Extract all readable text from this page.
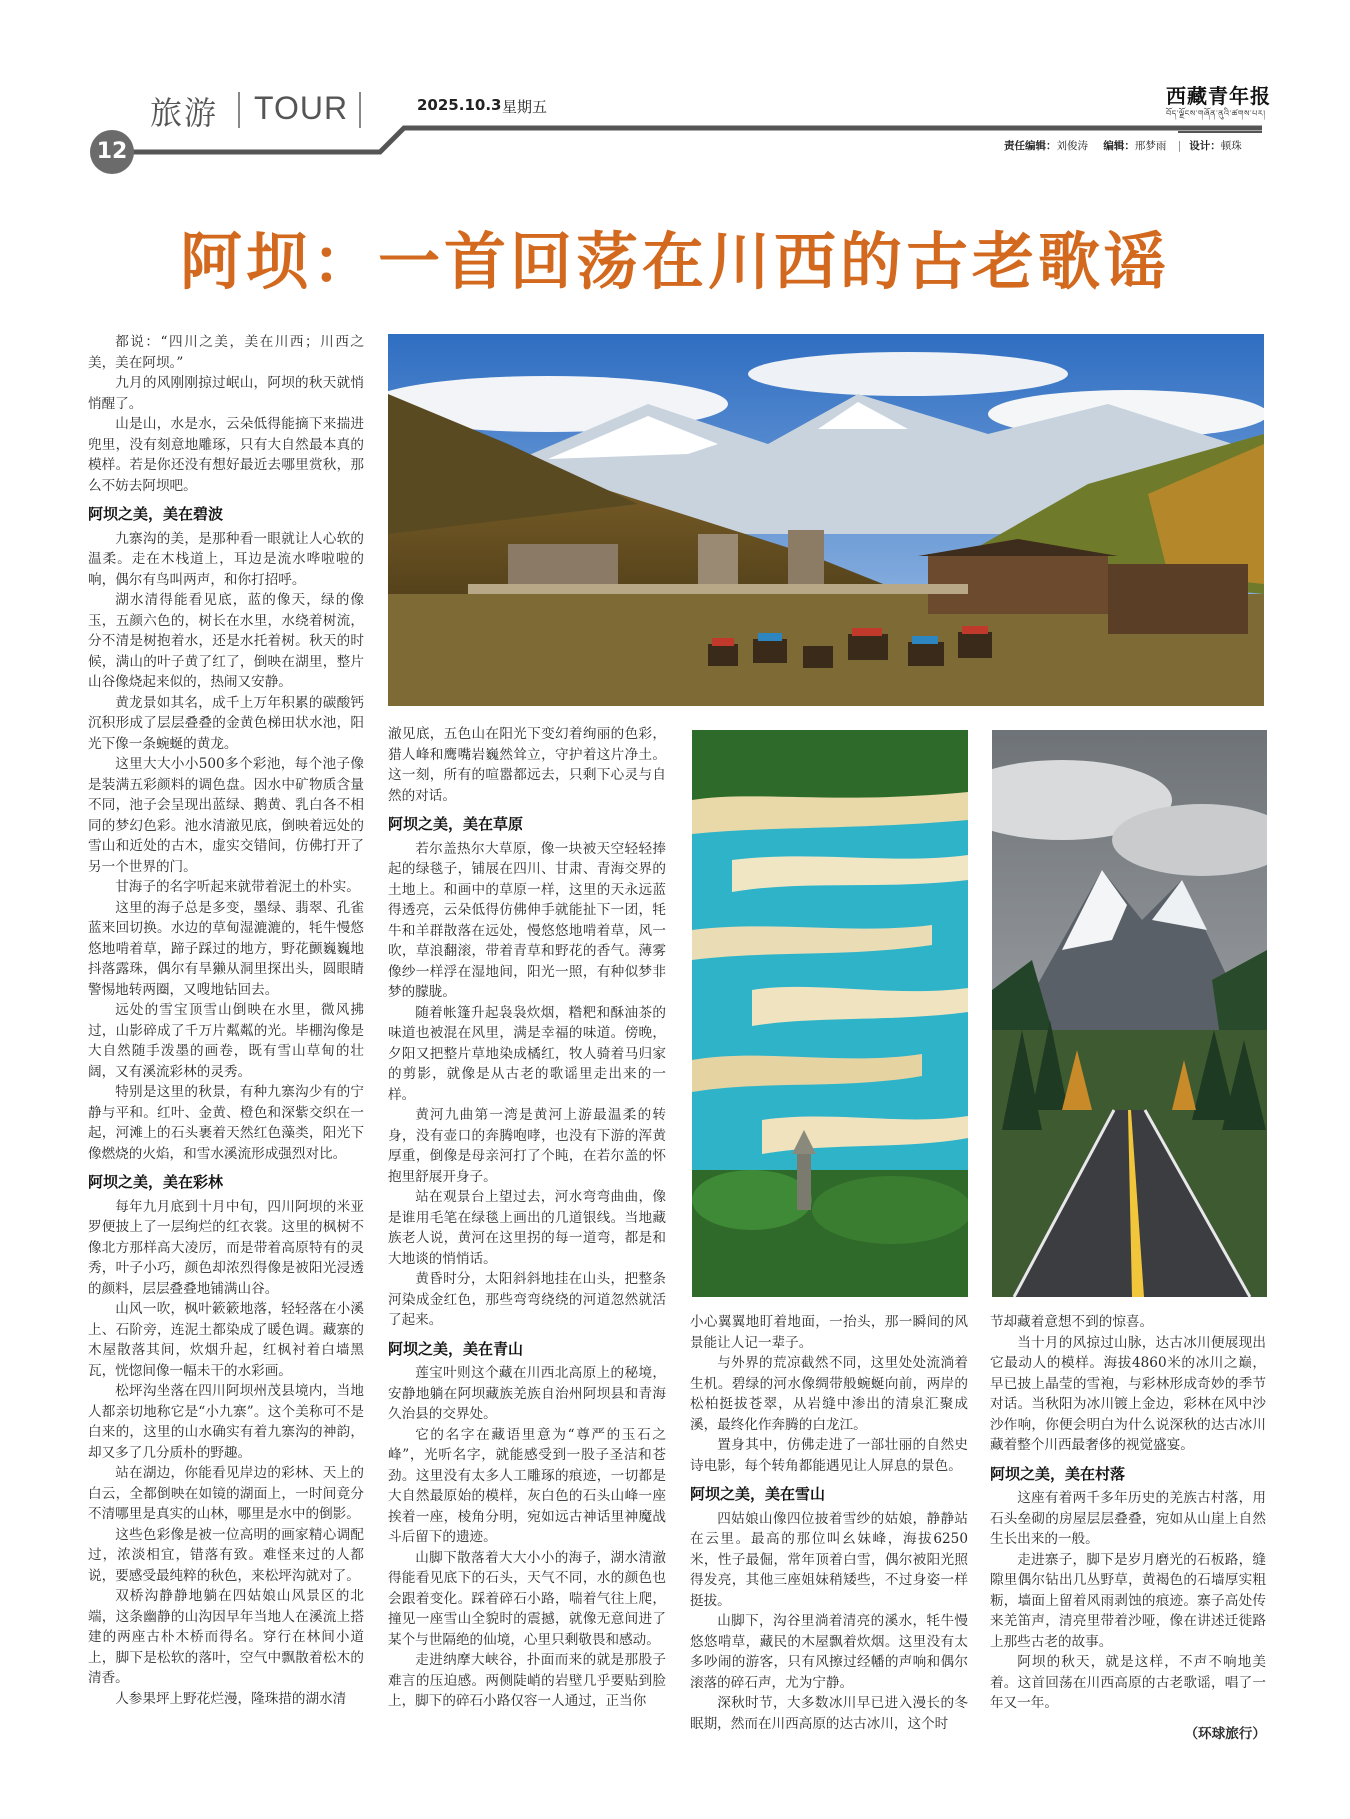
旅游 TOUR	2025.10.3 星期五	西藏青年报
བོད་ལྗོངས་གཞོན་ནུའི་ཚགས་པར།
12	责任编辑：刘俊涛 编辑：邢梦雨 | 设计：顿珠
阿坝：一首回荡在川西的古老歌谣

都说：“四川之美，美在川西；川西之美，美在阿坝。”

九月的风刚刚掠过岷山，阿坝的秋天就悄悄醒了。

山是山，水是水，云朵低得能摘下来揣进兜里，没有刻意地雕琢，只有大自然最本真的模样。若是你还没有想好最近去哪里赏秋，那么不妨去阿坝吧。

阿坝之美，美在碧波

九寨沟的美，是那种看一眼就让人心软的温柔。走在木栈道上，耳边是流水哗啦啦的响，偶尔有鸟叫两声，和你打招呼。

湖水清得能看见底，蓝的像天，绿的像玉，五颜六色的，树长在水里，水绕着树流，分不清是树抱着水，还是水托着树。秋天的时候，满山的叶子黄了红了，倒映在湖里，整片山谷像烧起来似的，热闹又安静。

黄龙景如其名，成千上万年积累的碳酸钙沉积形成了层层叠叠的金黄色梯田状水池，阳光下像一条蜿蜒的黄龙。

这里大大小小500多个彩池，每个池子像是装满五彩颜料的调色盘。因水中矿物质含量不同，池子会呈现出蓝绿、鹅黄、乳白各不相同的梦幻色彩。池水清澈见底，倒映着远处的雪山和近处的古木，虚实交错间，仿佛打开了另一个世界的门。

甘海子的名字听起来就带着泥土的朴实。

这里的海子总是多变，墨绿、翡翠、孔雀蓝来回切换。水边的草甸湿漉漉的，牦牛慢悠悠地啃着草，蹄子踩过的地方，野花颤巍巍地抖落露珠，偶尔有旱獭从洞里探出头，圆眼睛警惕地转两圈，又嗖地钻回去。

远处的雪宝顶雪山倒映在水里，微风拂过，山影碎成了千万片粼粼的光。毕棚沟像是大自然随手泼墨的画卷，既有雪山草甸的壮阔，又有溪流彩林的灵秀。

特别是这里的秋景，有种九寨沟少有的宁静与平和。红叶、金黄、橙色和深紫交织在一起，河滩上的石头裹着天然红色藻类，阳光下像燃烧的火焰，和雪水溪流形成强烈对比。

阿坝之美，美在彩林

每年九月底到十月中旬，四川阿坝的米亚罗便披上了一层绚烂的红衣裳。这里的枫树不像北方那样高大凌厉，而是带着高原特有的灵秀，叶子小巧，颜色却浓烈得像是被阳光浸透的颜料，层层叠叠地铺满山谷。

山风一吹，枫叶簌簌地落，轻轻落在小溪上、石阶旁，连泥土都染成了暖色调。藏寨的木屋散落其间，炊烟升起，红枫衬着白墙黑瓦，恍惚间像一幅未干的水彩画。

松坪沟坐落在四川阿坝州茂县境内，当地人都亲切地称它是“小九寨”。这个美称可不是白来的，这里的山水确实有着九寨沟的神韵，却又多了几分质朴的野趣。

站在湖边，你能看见岸边的彩林、天上的白云，全都倒映在如镜的湖面上，一时间竟分不清哪里是真实的山林，哪里是水中的倒影。

这些色彩像是被一位高明的画家精心调配过，浓淡相宜，错落有致。难怪来过的人都说，要感受最纯粹的秋色，来松坪沟就对了。

双桥沟静静地躺在四姑娘山风景区的北端，这条幽静的山沟因早年当地人在溪流上搭建的两座古朴木桥而得名。穿行在林间小道上，脚下是松软的落叶，空气中飘散着松木的清香。

人参果坪上野花烂漫，隆珠措的湖水清

澈见底，五色山在阳光下变幻着绚丽的色彩，猎人峰和鹰嘴岩巍然耸立，守护着这片净土。这一刻，所有的喧嚣都远去，只剩下心灵与自然的对话。

阿坝之美，美在草原

若尔盖热尔大草原，像一块被天空轻轻捧起的绿毯子，铺展在四川、甘肃、青海交界的土地上。和画中的草原一样，这里的天永远蓝得透亮，云朵低得仿佛伸手就能扯下一团，牦牛和羊群散落在远处，慢悠悠地啃着草，风一吹，草浪翻滚，带着青草和野花的香气。薄雾像纱一样浮在湿地间，阳光一照，有种似梦非梦的朦胧。

随着帐篷升起袅袅炊烟，糌粑和酥油茶的味道也被混在风里，满是幸福的味道。傍晚，夕阳又把整片草地染成橘红，牧人骑着马归家的剪影，就像是从古老的歌谣里走出来的一样。

黄河九曲第一湾是黄河上游最温柔的转身，没有壶口的奔腾咆哮，也没有下游的浑黄厚重，倒像是母亲河打了个盹，在若尔盖的怀抱里舒展开身子。

站在观景台上望过去，河水弯弯曲曲，像是谁用毛笔在绿毯上画出的几道银线。当地藏族老人说，黄河在这里拐的每一道弯，都是和大地谈的悄悄话。

黄昏时分，太阳斜斜地挂在山头，把整条河染成金红色，那些弯弯绕绕的河道忽然就活了起来。

阿坝之美，美在青山

莲宝叶则这个藏在川西北高原上的秘境，安静地躺在阿坝藏族羌族自治州阿坝县和青海久治县的交界处。

它的名字在藏语里意为“尊严的玉石之峰”，光听名字，就能感受到一股子圣洁和苍劲。这里没有太多人工雕琢的痕迹，一切都是大自然最原始的模样，灰白色的石头山峰一座挨着一座，棱角分明，宛如远古神话里神魔战斗后留下的遗迹。

山脚下散落着大大小小的海子，湖水清澈得能看见底下的石头，天气不同，水的颜色也会跟着变化。踩着碎石小路，喘着气往上爬，撞见一座雪山全貌时的震撼，就像无意间进了某个与世隔绝的仙境，心里只剩敬畏和感动。

走进纳摩大峡谷，扑面而来的就是那股子难言的压迫感。两侧陡峭的岩壁几乎要贴到脸上，脚下的碎石小路仅容一人通过，正当你

小心翼翼地盯着地面，一抬头，那一瞬间的风景能让人记一辈子。

与外界的荒凉截然不同，这里处处流淌着生机。碧绿的河水像绸带般蜿蜒向前，两岸的松柏挺拔苍翠，从岩缝中渗出的清泉汇聚成溪，最终化作奔腾的白龙江。

置身其中，仿佛走进了一部壮丽的自然史诗电影，每个转角都能遇见让人屏息的景色。

阿坝之美，美在雪山

四姑娘山像四位披着雪纱的姑娘，静静站在云里。最高的那位叫幺妹峰，海拔6250米，性子最倔，常年顶着白雪，偶尔被阳光照得发亮，其他三座姐妹稍矮些，不过身姿一样挺拔。

山脚下，沟谷里淌着清亮的溪水，牦牛慢悠悠啃草，藏民的木屋飘着炊烟。这里没有太多吵闹的游客，只有风擦过经幡的声响和偶尔滚落的碎石声，尤为宁静。

深秋时节，大多数冰川早已进入漫长的冬眠期，然而在川西高原的达古冰川，这个时

节却藏着意想不到的惊喜。

当十月的风掠过山脉，达古冰川便展现出它最动人的模样。海拔4860米的冰川之巅，早已披上晶莹的雪袍，与彩林形成奇妙的季节对话。当秋阳为冰川镀上金边，彩林在风中沙沙作响，你便会明白为什么说深秋的达古冰川藏着整个川西最奢侈的视觉盛宴。

阿坝之美，美在村落

这座有着两千多年历史的羌族古村落，用石头垒砌的房屋层层叠叠，宛如从山崖上自然生长出来的一般。

走进寨子，脚下是岁月磨光的石板路，缝隙里偶尔钻出几丛野草，黄褐色的石墙厚实粗粝，墙面上留着风雨剥蚀的痕迹。寨子高处传来羌笛声，清亮里带着沙哑，像在讲述迁徙路上那些古老的故事。

阿坝的秋天，就是这样，不声不响地美着。这首回荡在川西高原的古老歌谣，唱了一年又一年。

（环球旅行）
